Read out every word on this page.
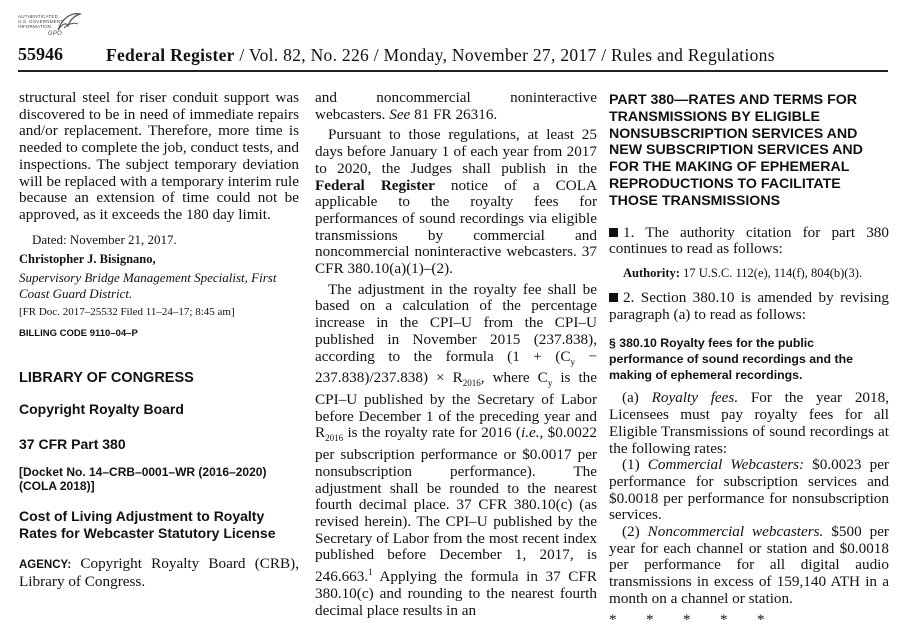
AUTHENTICATED
U.S. GOVERNMENT
INFORMATION
GPO
55946 Federal Register / Vol. 82, No. 226 / Monday, November 27, 2017 / Rules and Regulations

structural steel for riser conduit support was discovered to be in need of immediate repairs and/or replacement. Therefore, more time is needed to complete the job, conduct tests, and inspections. The subject temporary deviation will be replaced with a temporary interim rule because an extension of time could not be approved, as it exceeds the 180 day limit.

Dated: November 21, 2017.

Christopher J. Bisignano,

Supervisory Bridge Management Specialist, First Coast Guard District.

[FR Doc. 2017–25532 Filed 11–24–17; 8:45 am]

BILLING CODE 9110–04–P

LIBRARY OF CONGRESS

Copyright Royalty Board

37 CFR Part 380

[Docket No. 14–CRB–0001–WR (2016–2020) (COLA 2018)]

Cost of Living Adjustment to Royalty Rates for Webcaster Statutory License

AGENCY: Copyright Royalty Board (CRB), Library of Congress.

and noncommercial noninteractive webcasters. See 81 FR 26316.

Pursuant to those regulations, at least 25 days before January 1 of each year from 2017 to 2020, the Judges shall publish in the Federal Register notice of a COLA applicable to the royalty fees for performances of sound recordings via eligible transmissions by commercial and noncommercial noninteractive webcasters. 37 CFR 380.10(a)(1)–(2).

The adjustment in the royalty fee shall be based on a calculation of the percentage increase in the CPI–U from the CPI–U published in November 2015 (237.838), according to the formula $(1 + (C_y - 237.838)/237.838) \times R_{2016}$, where $C_y$ is the CPI–U published by the Secretary of Labor before December 1 of the preceding year and $R_{2016}$ is the royalty rate for 2016 (i.e., $0.0022 per subscription performance or $0.0017 per nonsubscription performance). The adjustment shall be rounded to the nearest fourth decimal place. 37 CFR 380.10(c) (as revised herein). The CPI–U published by the Secretary of Labor from the most recent index published before December 1, 2017, is 246.663.$^1$ Applying the formula in 37 CFR 380.10(c) and rounding to the nearest fourth decimal place results in an

PART 380—RATES AND TERMS FOR TRANSMISSIONS BY ELIGIBLE NONSUBSCRIPTION SERVICES AND NEW SUBSCRIPTION SERVICES AND FOR THE MAKING OF EPHEMERAL REPRODUCTIONS TO FACILITATE THOSE TRANSMISSIONS

1. The authority citation for part 380 continues to read as follows:

Authority: 17 U.S.C. 112(e), 114(f), 804(b)(3).

2. Section 380.10 is amended by revising paragraph (a) to read as follows:

§ 380.10 Royalty fees for the public performance of sound recordings and the making of ephemeral recordings.

(a) Royalty fees. For the year 2018, Licensees must pay royalty fees for all Eligible Transmissions of sound recordings at the following rates:

(1) Commercial Webcasters: $0.0023 per performance for subscription services and $0.0018 per performance for nonsubscription services.

(2) Noncommercial webcasters. $500 per year for each channel or station and $0.0018 per performance for all digital audio transmissions in excess of 159,140 ATH in a month on a channel or station.

* * * * *
